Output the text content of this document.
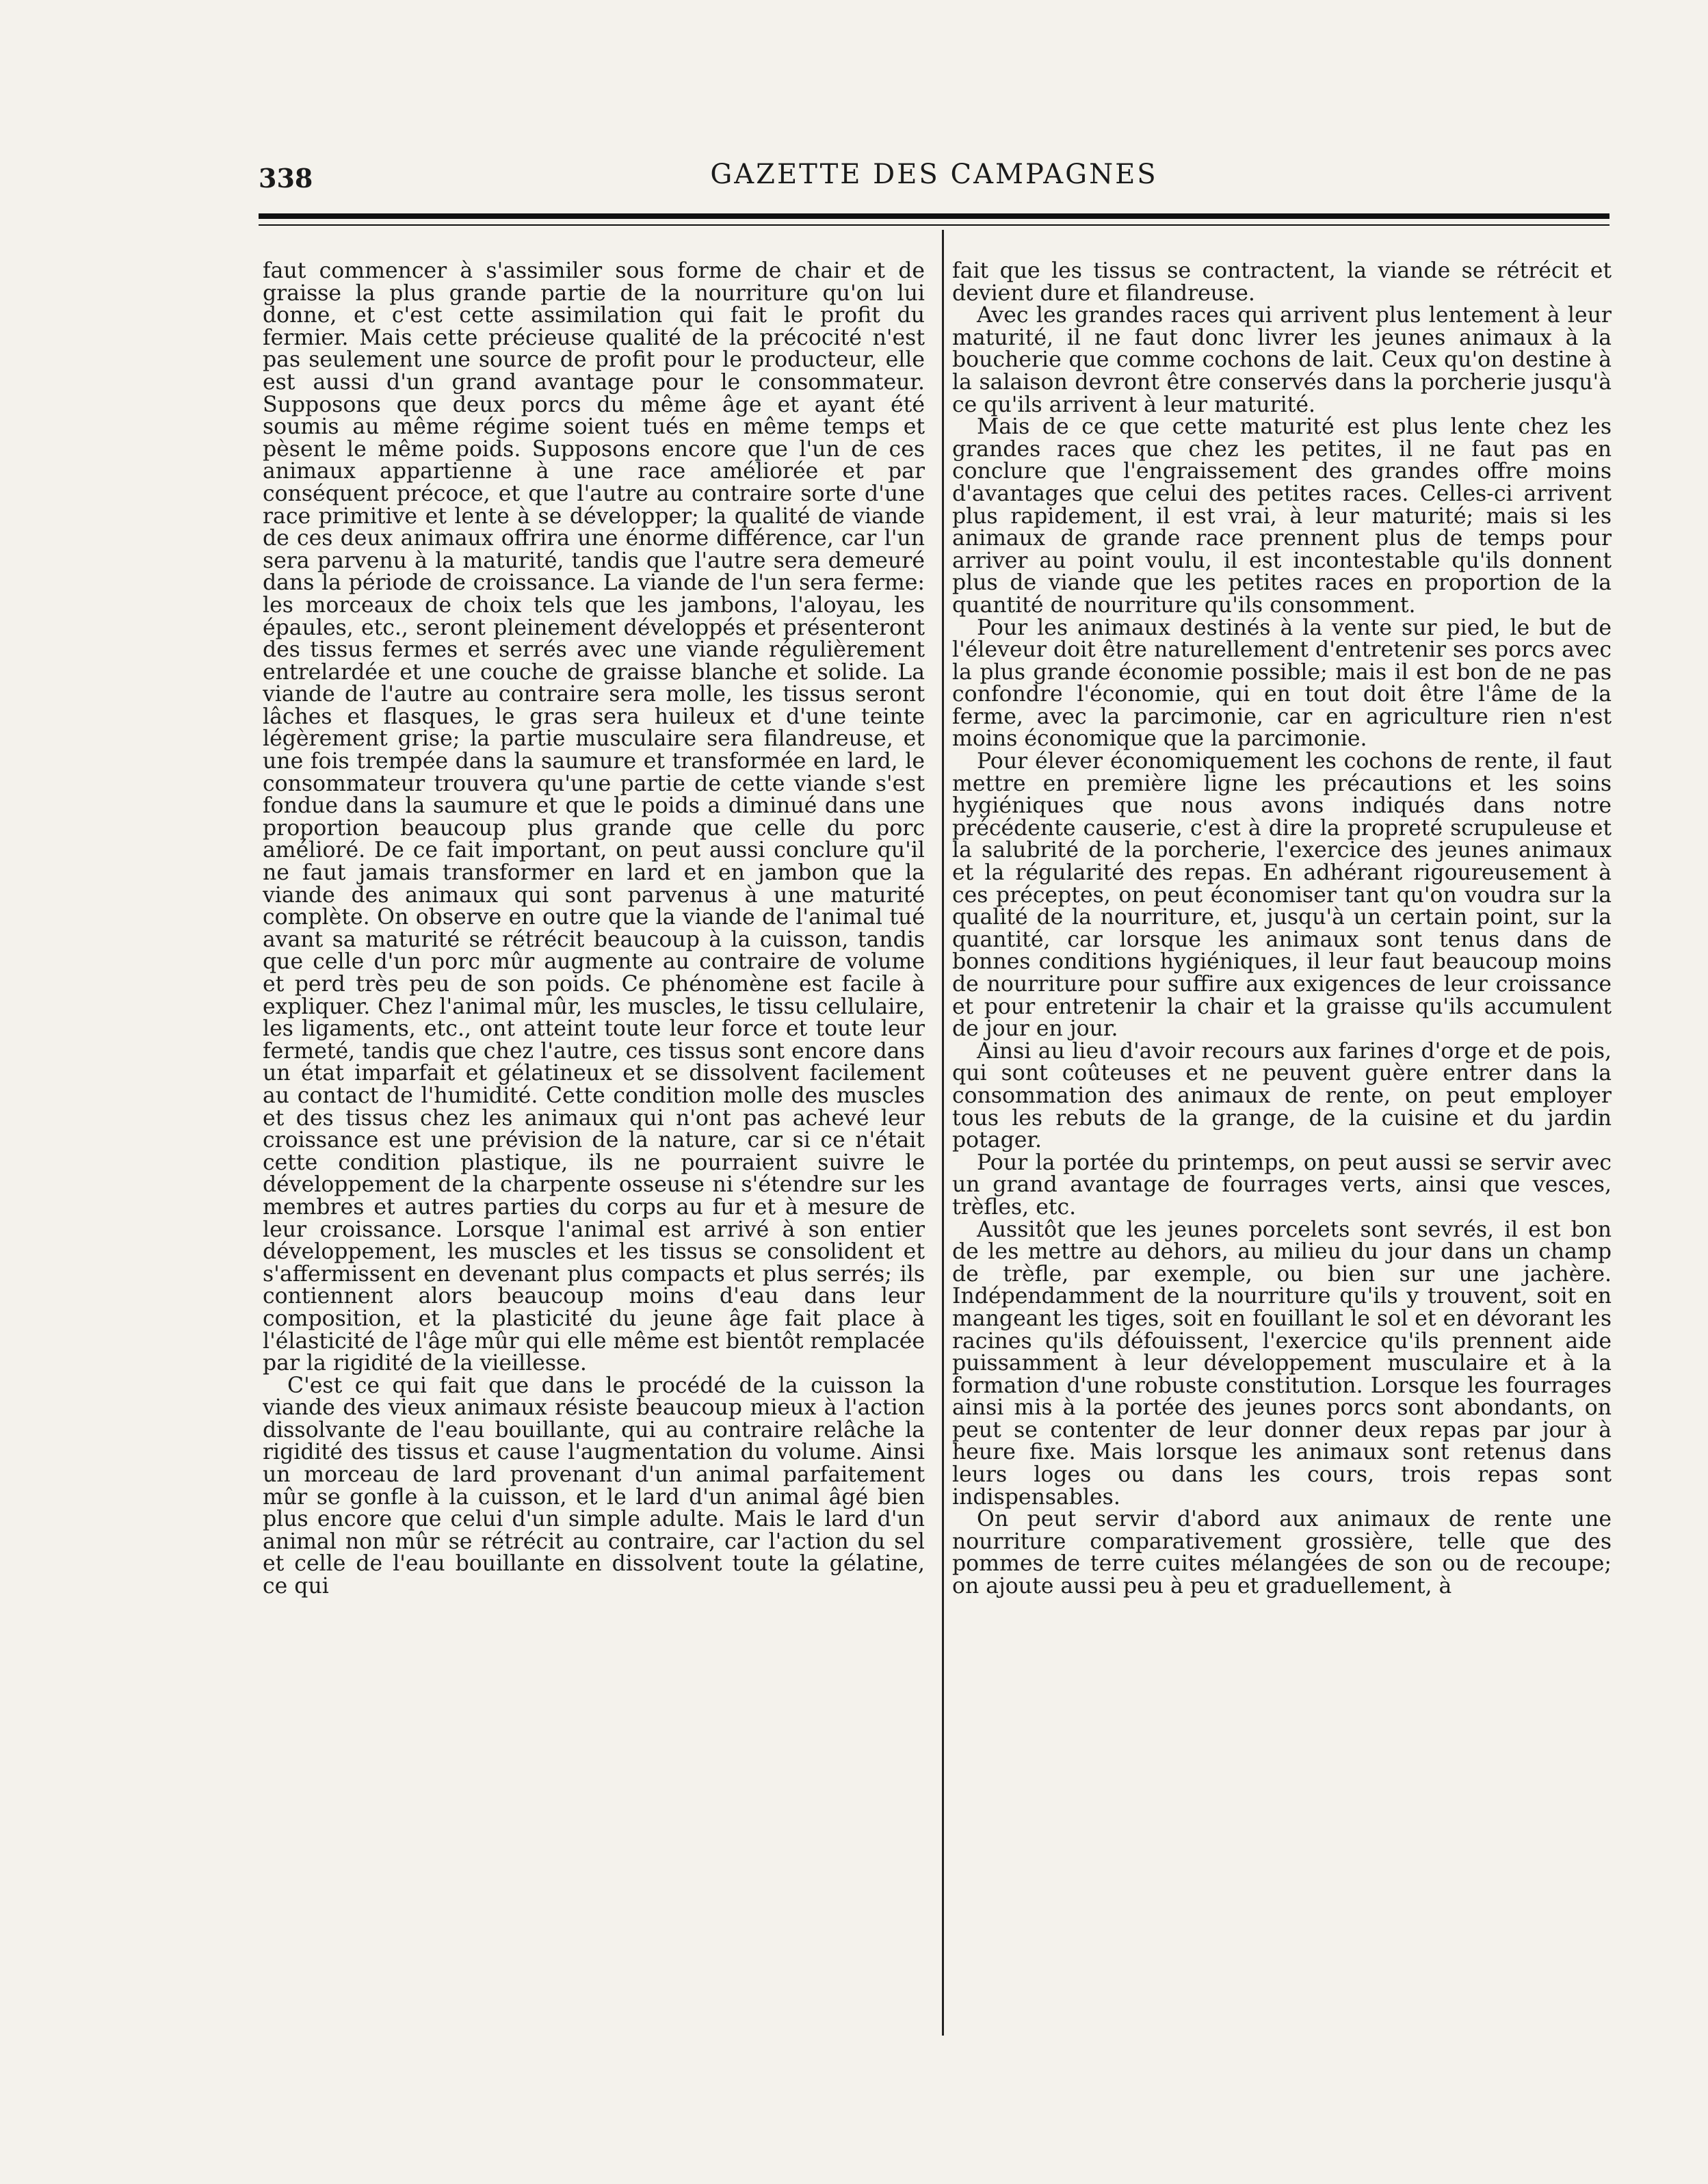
338	GAZETTE DES CAMPAGNES

faut commencer à s'assimiler sous forme de chair et de graisse la plus grande partie de la nourriture qu'on lui donne, et c'est cette assimilation qui fait le profit du fermier. Mais cette précieuse qualité de la précocité n'est pas seulement une source de profit pour le producteur, elle est aussi d'un grand avantage pour le consommateur. Supposons que deux porcs du même âge et ayant été soumis au même régime soient tués en même temps et pèsent le même poids. Supposons encore que l'un de ces animaux appartienne à une race améliorée et par conséquent précoce, et que l'autre au contraire sorte d'une race primitive et lente à se développer; la qualité de viande de ces deux animaux offrira une énorme différence, car l'un sera parvenu à la maturité, tandis que l'autre sera demeuré dans la période de croissance. La viande de l'un sera ferme: les morceaux de choix tels que les jambons, l'aloyau, les épaules, etc., seront pleinement développés et présenteront des tissus fermes et serrés avec une viande régulièrement entrelardée et une couche de graisse blanche et solide. La viande de l'autre au contraire sera molle, les tissus seront lâches et flasques, le gras sera huileux et d'une teinte légèrement grise; la partie musculaire sera filandreuse, et une fois trempée dans la saumure et transformée en lard, le consommateur trouvera qu'une partie de cette viande s'est fondue dans la saumure et que le poids a diminué dans une proportion beaucoup plus grande que celle du porc amélioré. De ce fait important, on peut aussi conclure qu'il ne faut jamais transformer en lard et en jambon que la viande des animaux qui sont parvenus à une maturité complète. On observe en outre que la viande de l'animal tué avant sa maturité se rétrécit beaucoup à la cuisson, tandis que celle d'un porc mûr augmente au contraire de volume et perd très peu de son poids. Ce phénomène est facile à expliquer. Chez l'animal mûr, les muscles, le tissu cellulaire, les ligaments, etc., ont atteint toute leur force et toute leur fermeté, tandis que chez l'autre, ces tissus sont encore dans un état imparfait et gélatineux et se dissolvent facilement au contact de l'humidité. Cette condition molle des muscles et des tissus chez les animaux qui n'ont pas achevé leur croissance est une prévision de la nature, car si ce n'était cette condition plastique, ils ne pourraient suivre le développement de la charpente osseuse ni s'étendre sur les membres et autres parties du corps au fur et à mesure de leur croissance. Lorsque l'animal est arrivé à son entier développement, les muscles et les tissus se consolident et s'affermissent en devenant plus compacts et plus serrés; ils contiennent alors beaucoup moins d'eau dans leur composition, et la plasticité du jeune âge fait place à l'élasticité de l'âge mûr qui elle même est bientôt remplacée par la rigidité de la vieillesse.

C'est ce qui fait que dans le procédé de la cuisson la viande des vieux animaux résiste beaucoup mieux à l'action dissolvante de l'eau bouillante, qui au contraire relâche la rigidité des tissus et cause l'augmentation du volume. Ainsi un morceau de lard provenant d'un animal parfaitement mûr se gonfle à la cuisson, et le lard d'un animal âgé bien plus encore que celui d'un simple adulte. Mais le lard d'un animal non mûr se rétrécit au contraire, car l'action du sel et celle de l'eau bouillante en dissolvent toute la gélatine, ce qui

fait que les tissus se contractent, la viande se rétrécit et devient dure et filandreuse.

Avec les grandes races qui arrivent plus lentement à leur maturité, il ne faut donc livrer les jeunes animaux à la boucherie que comme cochons de lait. Ceux qu'on destine à la salaison devront être conservés dans la porcherie jusqu'à ce qu'ils arrivent à leur maturité.

Mais de ce que cette maturité est plus lente chez les grandes races que chez les petites, il ne faut pas en conclure que l'engraissement des grandes offre moins d'avantages que celui des petites races. Celles-ci arrivent plus rapidement, il est vrai, à leur maturité; mais si les animaux de grande race prennent plus de temps pour arriver au point voulu, il est incontestable qu'ils donnent plus de viande que les petites races en proportion de la quantité de nourriture qu'ils consomment.

Pour les animaux destinés à la vente sur pied, le but de l'éleveur doit être naturellement d'entretenir ses porcs avec la plus grande économie possible; mais il est bon de ne pas confondre l'économie, qui en tout doit être l'âme de la ferme, avec la parcimonie, car en agriculture rien n'est moins économique que la parcimonie.

Pour élever économiquement les cochons de rente, il faut mettre en première ligne les précautions et les soins hygiéniques que nous avons indiqués dans notre précédente causerie, c'est à dire la propreté scrupuleuse et la salubrité de la porcherie, l'exercice des jeunes animaux et la régularité des repas. En adhérant rigoureusement à ces préceptes, on peut économiser tant qu'on voudra sur la qualité de la nourriture, et, jusqu'à un certain point, sur la quantité, car lorsque les animaux sont tenus dans de bonnes conditions hygiéniques, il leur faut beaucoup moins de nourriture pour suffire aux exigences de leur croissance et pour entretenir la chair et la graisse qu'ils accumulent de jour en jour.

Ainsi au lieu d'avoir recours aux farines d'orge et de pois, qui sont coûteuses et ne peuvent guère entrer dans la consommation des animaux de rente, on peut employer tous les rebuts de la grange, de la cuisine et du jardin potager.

Pour la portée du printemps, on peut aussi se servir avec un grand avantage de fourrages verts, ainsi que vesces, trèfles, etc.

Aussitôt que les jeunes porcelets sont sevrés, il est bon de les mettre au dehors, au milieu du jour dans un champ de trèfle, par exemple, ou bien sur une jachère. Indépendamment de la nourriture qu'ils y trouvent, soit en mangeant les tiges, soit en fouillant le sol et en dévorant les racines qu'ils défouissent, l'exercice qu'ils prennent aide puissamment à leur développement musculaire et à la formation d'une robuste constitution. Lorsque les fourrages ainsi mis à la portée des jeunes porcs sont abondants, on peut se contenter de leur donner deux repas par jour à heure fixe. Mais lorsque les animaux sont retenus dans leurs loges ou dans les cours, trois repas sont indispensables.

On peut servir d'abord aux animaux de rente une nourriture comparativement grossière, telle que des pommes de terre cuites mélangées de son ou de recoupe; on ajoute aussi peu à peu et graduellement, à
